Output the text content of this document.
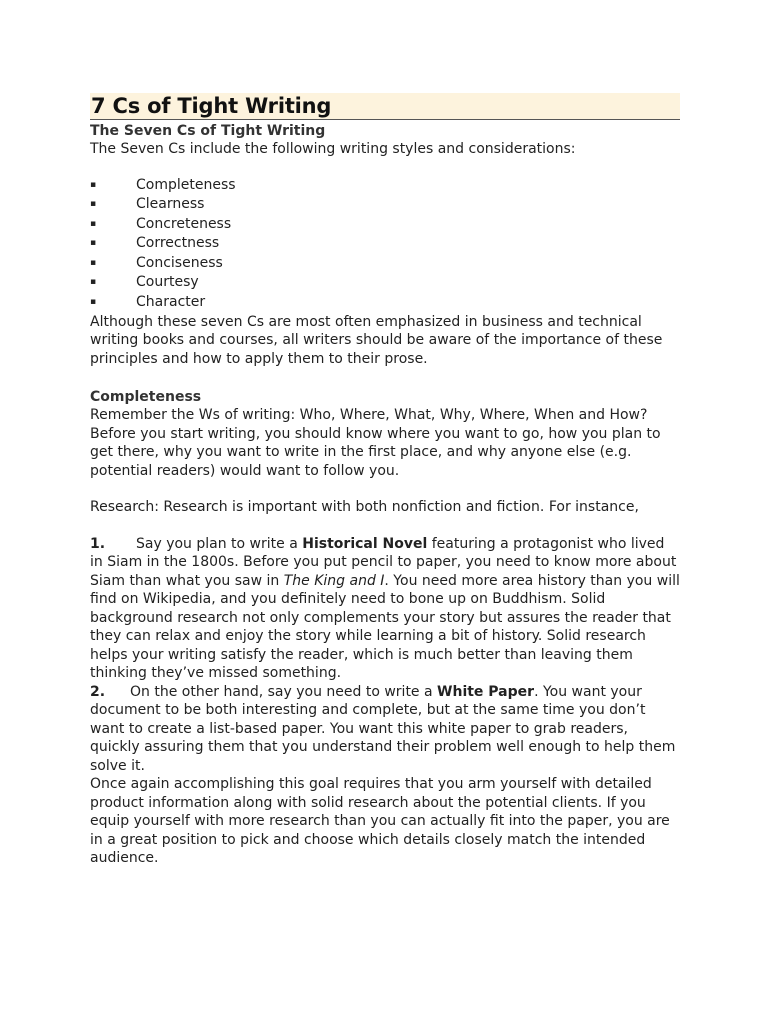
7 Cs of Tight Writing
The Seven Cs of Tight Writing
The Seven Cs include the following writing styles and considerations:
▪	Completeness
▪	Clearness
▪	Concreteness
▪	Correctness
▪	Conciseness
▪	Courtesy
▪	Character
Although these seven Cs are most often emphasized in business and technical writing books and courses, all writers should be aware of the importance of these principles and how to apply them to their prose.
Completeness
Remember the Ws of writing: Who, Where, What, Why, Where, When and How? Before you start writing, you should know where you want to go, how you plan to get there, why you want to write in the first place, and why anyone else (e.g. potential readers) would want to follow you.
Research: Research is important with both nonfiction and fiction. For instance,
1. Say you plan to write a Historical Novel featuring a protagonist who lived in Siam in the 1800s. Before you put pencil to paper, you need to know more about Siam than what you saw in The King and I. You need more area history than you will find on Wikipedia, and you definitely need to bone up on Buddhism. Solid background research not only complements your story but assures the reader that they can relax and enjoy the story while learning a bit of history. Solid research helps your writing satisfy the reader, which is much better than leaving them thinking they’ve missed something.
2. On the other hand, say you need to write a White Paper. You want your document to be both interesting and complete, but at the same time you don’t want to create a list-based paper. You want this white paper to grab readers, quickly assuring them that you understand their problem well enough to help them solve it.
Once again accomplishing this goal requires that you arm yourself with detailed product information along with solid research about the potential clients. If you equip yourself with more research than you can actually fit into the paper, you are in a great position to pick and choose which details closely match the intended audience.
